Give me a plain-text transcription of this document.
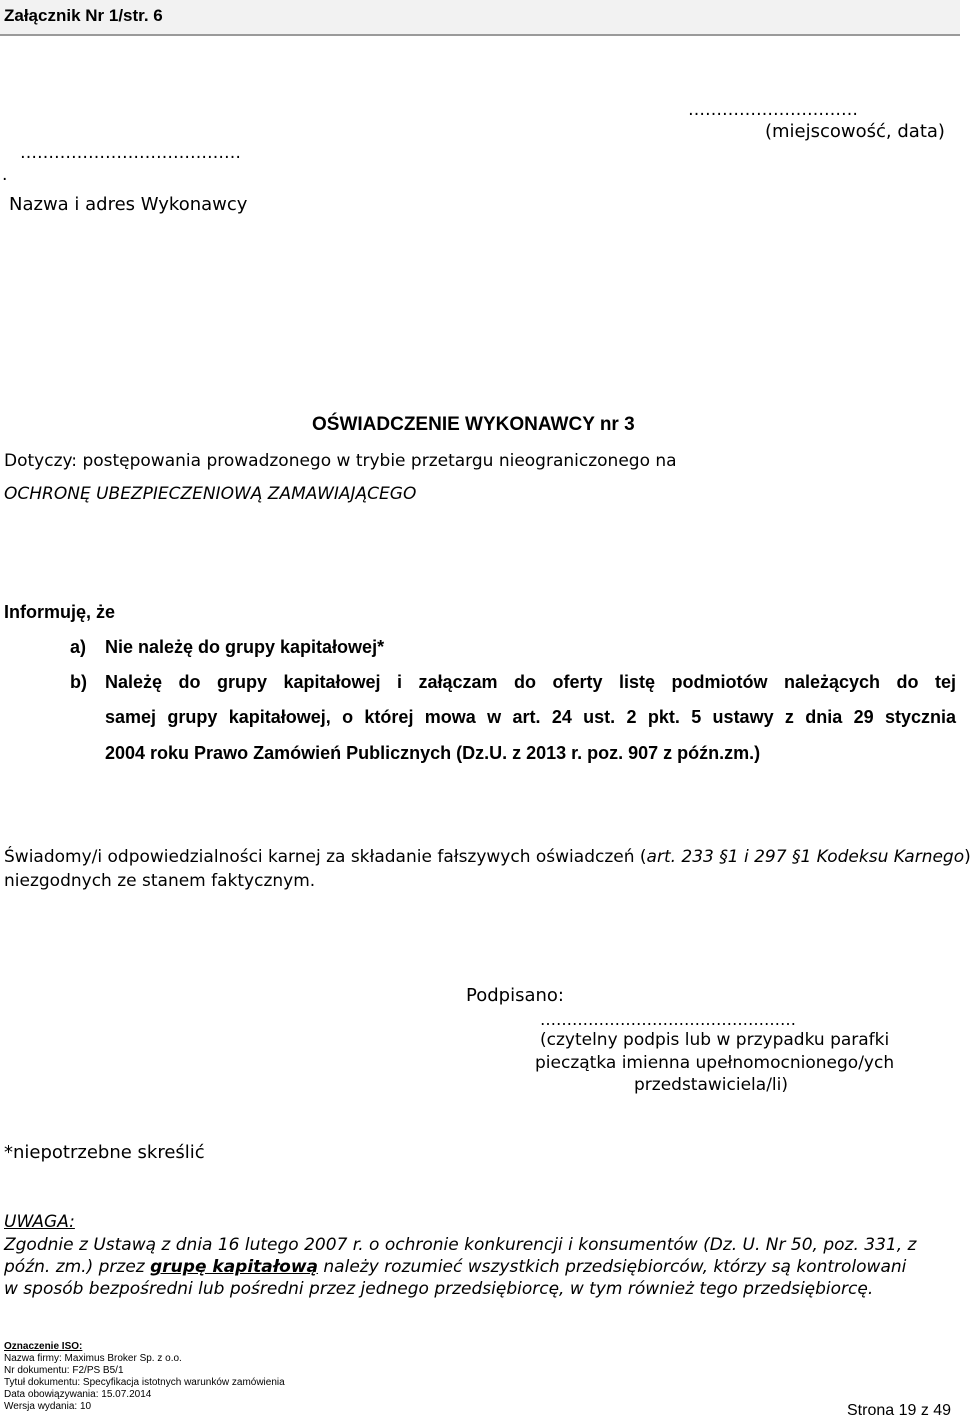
Załącznik Nr 1/str. 6
…………………………
(miejscowość, data)
…………………………………
.
Nazwa i adres Wykonawcy
OŚWIADCZENIE WYKONAWCY nr 3
Dotyczy: postępowania prowadzonego w trybie przetargu nieograniczonego na
OCHRONĘ UBEZPIECZENIOWĄ ZAMAWIAJĄCEGO
Informuję, że
a) Nie należę do grupy kapitałowej*
b) Należę do grupy kapitałowej i załączam do oferty listę podmiotów należących do tej
samej grupy kapitałowej, o której mowa w art. 24 ust. 2 pkt. 5 ustawy z dnia 29 stycznia
2004 roku Prawo Zamówień Publicznych (Dz.U. z 2013 r. poz. 907 z późn.zm.)
Świadomy/i odpowiedzialności karnej za składanie fałszywych oświadczeń (art. 233 §1 i 297 §1 Kodeksu Karnego)
niezgodnych ze stanem faktycznym.
Podpisano:
…………………………………………
(czytelny podpis lub w przypadku parafki
pieczątka imienna upełnomocnionego/ych
przedstawiciela/li)
*niepotrzebne skreślić
UWAGA:
Zgodnie z Ustawą z dnia 16 lutego 2007 r. o ochronie konkurencji i konsumentów (Dz. U. Nr 50, poz. 331, z
późn. zm.) przez grupę kapitałową należy rozumieć wszystkich przedsiębiorców, którzy są kontrolowani
w sposób bezpośredni lub pośredni przez jednego przedsiębiorcę, w tym również tego przedsiębiorcę.
Oznaczenie ISO:
Nazwa firmy: Maximus Broker Sp. z o.o.
Nr dokumentu: F2/PS B5/1
Tytuł dokumentu: Specyfikacja istotnych warunków zamówienia
Data obowiązywania: 15.07.2014
Wersja wydania: 10	Strona 19 z 49
